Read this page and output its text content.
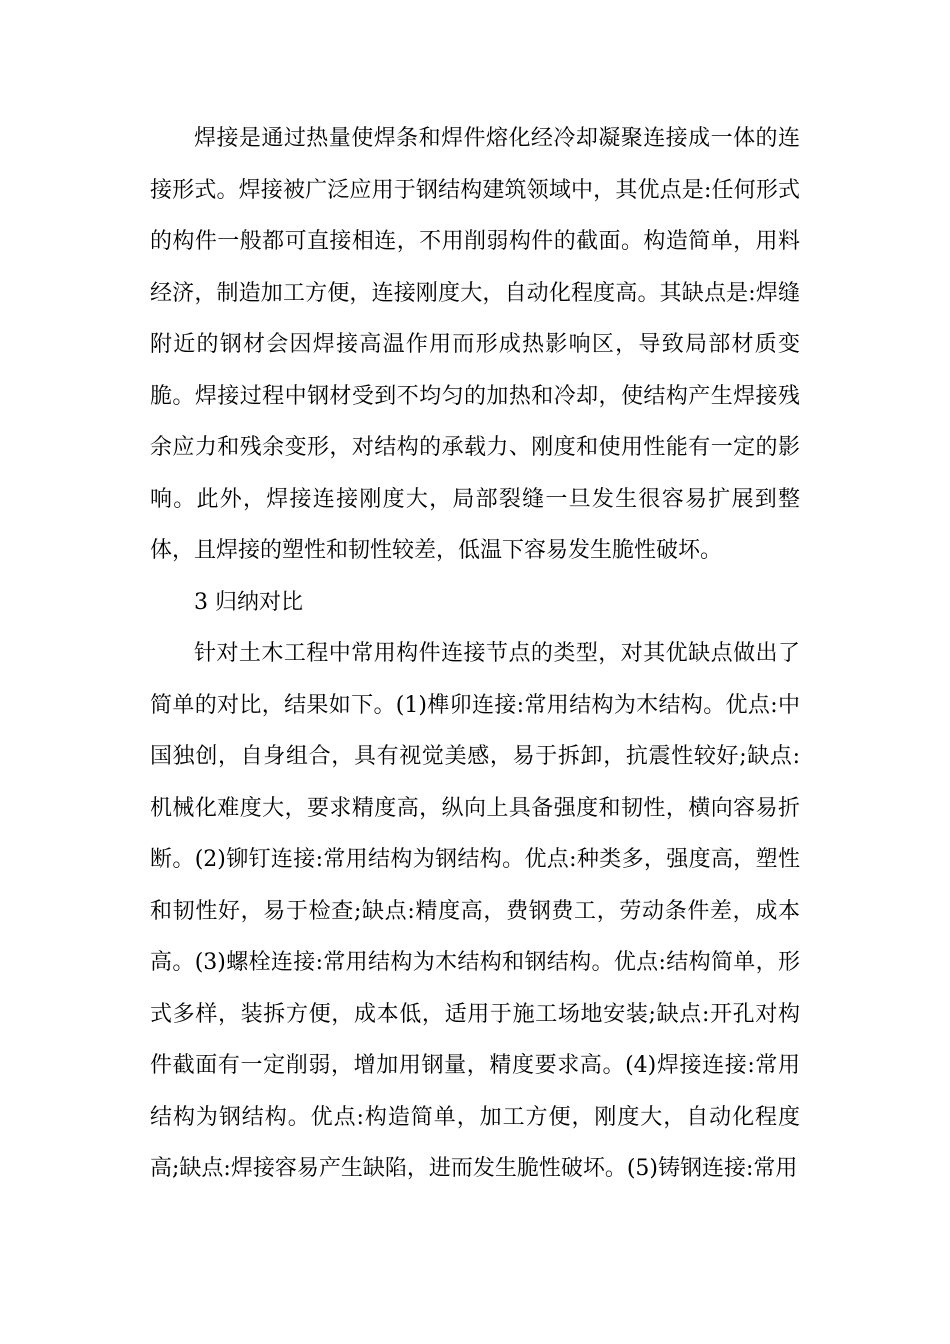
焊接是通过热量使焊条和焊件熔化经冷却凝聚连接成一体的连接形式。焊接被广泛应用于钢结构建筑领域中，其优点是:任何形式的构件一般都可直接相连，不用削弱构件的截面。构造简单，用料经济，制造加工方便，连接刚度大，自动化程度高。其缺点是:焊缝附近的钢材会因焊接高温作用而形成热影响区，导致局部材质变脆。焊接过程中钢材受到不均匀的加热和冷却，使结构产生焊接残余应力和残余变形，对结构的承载力、刚度和使用性能有一定的影响。此外，焊接连接刚度大，局部裂缝一旦发生很容易扩展到整体，且焊接的塑性和韧性较差，低温下容易发生脆性破坏。

3 归纳对比

针对土木工程中常用构件连接节点的类型，对其优缺点做出了简单的对比，结果如下。(1)榫卯连接:常用结构为木结构。优点:中国独创，自身组合，具有视觉美感，易于拆卸，抗震性较好;缺点:机械化难度大，要求精度高，纵向上具备强度和韧性，横向容易折断。(2)铆钉连接:常用结构为钢结构。优点:种类多，强度高，塑性和韧性好，易于检查;缺点:精度高，费钢费工，劳动条件差，成本高。(3)螺栓连接:常用结构为木结构和钢结构。优点:结构简单，形式多样，装拆方便，成本低，适用于施工场地安装;缺点:开孔对构件截面有一定削弱，增加用钢量，精度要求高。(4)焊接连接:常用结构为钢结构。优点:构造简单，加工方便，刚度大，自动化程度高;缺点:焊接容易产生缺陷，进而发生脆性破坏。(5)铸钢连接:常用
